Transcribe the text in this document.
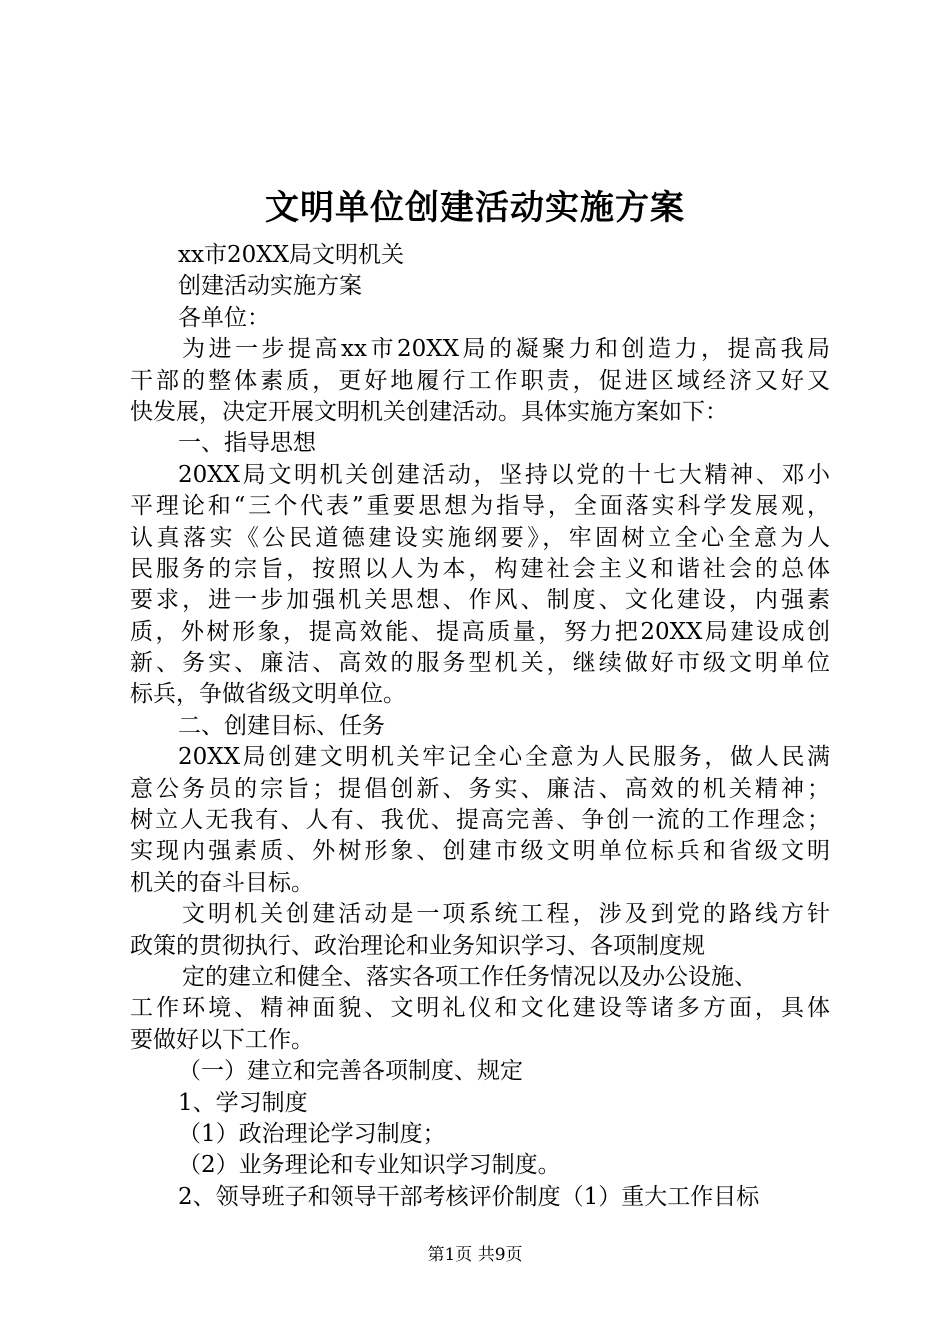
文明单位创建活动实施方案
xx市20XX局文明机关
创建活动实施方案
各单位：
为进一步提高xx市20XX局的凝聚力和创造力，提高我局
干部的整体素质，更好地履行工作职责，促进区域经济又好又
快发展，决定开展文明机关创建活动。具体实施方案如下：
一、指导思想
20XX局文明机关创建活动，坚持以党的十七大精神、邓小
平理论和“三个代表”重要思想为指导，全面落实科学发展观，
认真落实《公民道德建设实施纲要》，牢固树立全心全意为人
民服务的宗旨，按照以人为本，构建社会主义和谐社会的总体
要求，进一步加强机关思想、作风、制度、文化建设，内强素
质，外树形象，提高效能、提高质量，努力把20XX局建设成创
新、务实、廉洁、高效的服务型机关，继续做好市级文明单位
标兵，争做省级文明单位。
二、创建目标、任务
20XX局创建文明机关牢记全心全意为人民服务，做人民满
意公务员的宗旨；提倡创新、务实、廉洁、高效的机关精神；
树立人无我有、人有、我优、提高完善、争创一流的工作理念；
实现内强素质、外树形象、创建市级文明单位标兵和省级文明
机关的奋斗目标。
文明机关创建活动是一项系统工程，涉及到党的路线方针
政策的贯彻执行、政治理论和业务知识学习、各项制度规
定的建立和健全、落实各项工作任务情况以及办公设施、
工作环境、精神面貌、文明礼仪和文化建设等诸多方面，具体
要做好以下工作。
（一）建立和完善各项制度、规定
1、学习制度
（1）政治理论学习制度；
（2）业务理论和专业知识学习制度。
2、领导班子和领导干部考核评价制度（1）重大工作目标
第1页 共9页
